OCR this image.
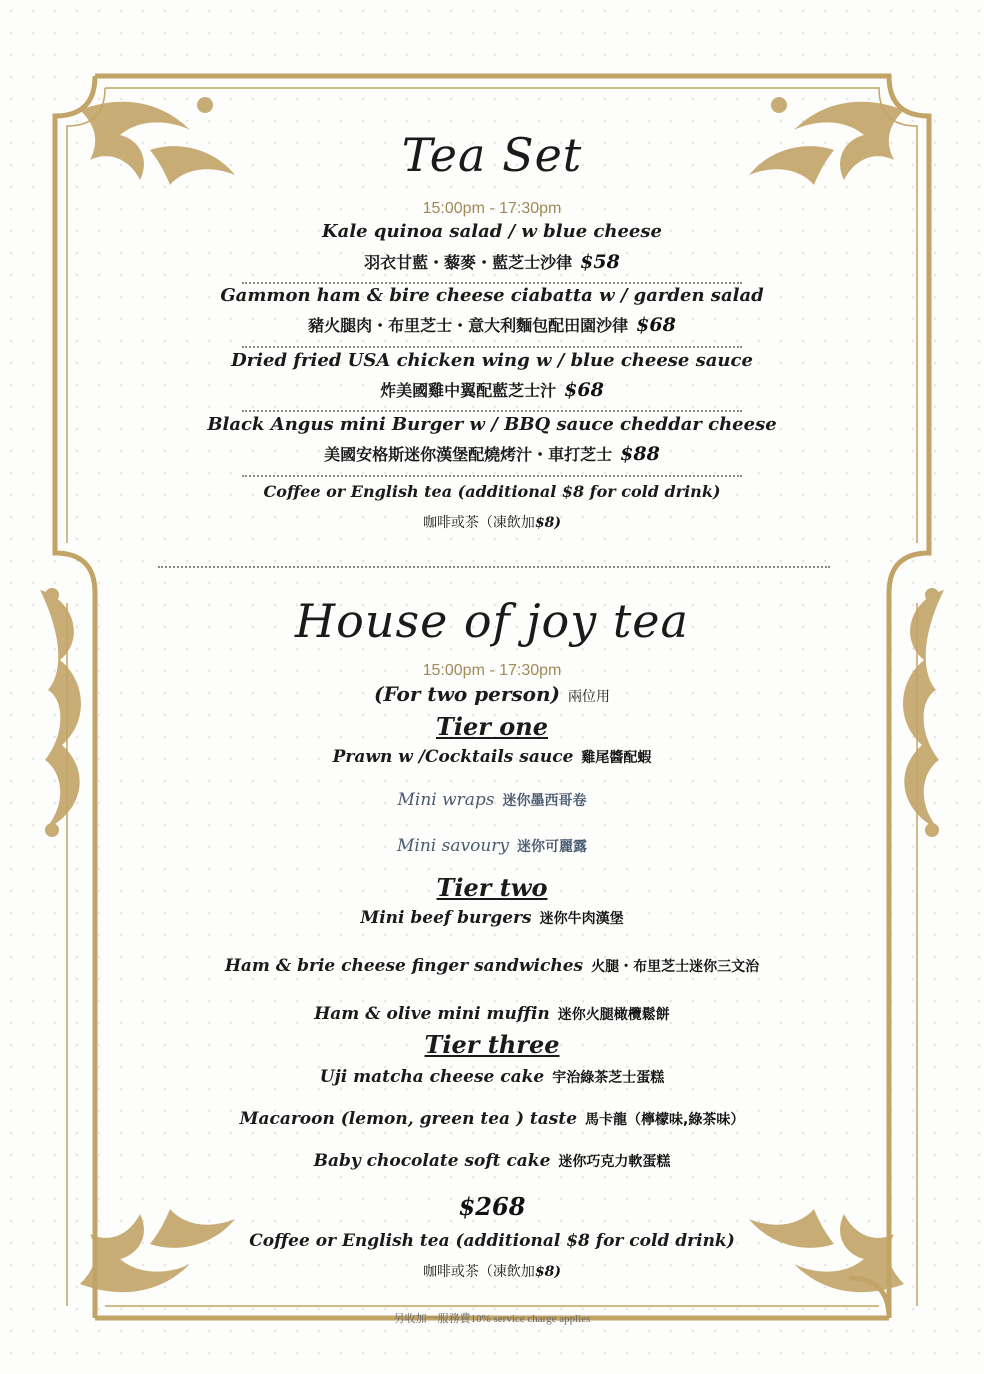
Tea Set
15:00pm - 17:30pm
Kale quinoa salad / w blue cheese
羽衣甘藍・藜麥・藍芝士沙律 $58
Gammon ham & bire cheese ciabatta w / garden salad
豬火腿肉・布里芝士・意大利麵包配田園沙律 $68
Dried fried USA chicken wing w / blue cheese sauce
炸美國雞中翼配藍芝士汁 $68
Black Angus mini Burger w / BBQ sauce cheddar cheese
美國安格斯迷你漢堡配燒烤汁・車打芝士 $88
Coffee or English tea (additional $8 for cold drink)
咖啡或茶（凍飲加$8)
House of joy tea
15:00pm - 17:30pm
(For two person) 兩位用
Tier one
Prawn w /Cocktails sauce 雞尾醬配蝦
Mini wraps 迷你墨西哥卷
Mini savoury 迷你可麗露
Tier two
Mini beef burgers 迷你牛肉漢堡
Ham & brie cheese finger sandwiches 火腿・布里芝士迷你三文治
Ham & olive mini muffin 迷你火腿橄欖鬆餅
Tier three
Uji matcha cheese cake 宇治綠茶芝士蛋糕
Macaroon (lemon, green tea ) taste 馬卡龍（檸檬味,綠茶味）
Baby chocolate soft cake 迷你巧克力軟蛋糕
$268
Coffee or English tea (additional $8 for cold drink)
咖啡或茶（凍飲加$8)
另收加一服務費10% service charge applies
